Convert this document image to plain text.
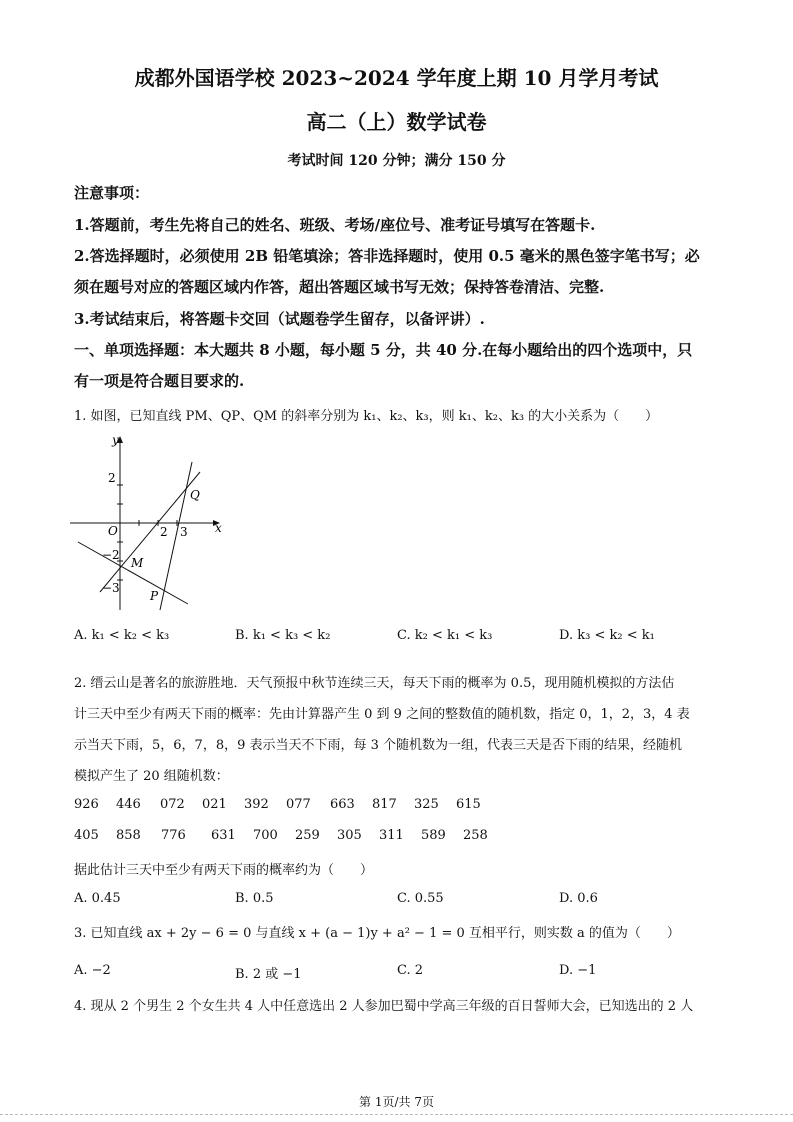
成都外国语学校 2023~2024 学年度上期 10 月学月考试
高二（上）数学试卷
考试时间 120 分钟；满分 150 分
注意事项：
1.答题前，考生先将自己的姓名、班级、考场/座位号、准考证号填写在答题卡.
2.答选择题时，必须使用 2B 铅笔填涂；答非选择题时，使用 0.5 毫米的黑色签字笔书写；必
须在题号对应的答题区域内作答，超出答题区域书写无效；保持答卷清洁、完整.
3.考试结束后，将答题卡交回（试题卷学生留存，以备评讲）.
一、单项选择题：本大题共 8 小题，每小题 5 分，共 40 分.在每小题给出的四个选项中，只
有一项是符合题目要求的.
1. 如图，已知直线 PM、QP、QM 的斜率分别为 k₁、k₂、k₃，则 k₁、k₂、k₃ 的大小关系为（　　）
y
x
O
2
−2
−3
2 3
Q
M
P
A. k₁ < k₂ < k₃	B. k₁ < k₃ < k₂	C. k₂ < k₁ < k₃	D. k₃ < k₂ < k₁
2. 缙云山是著名的旅游胜地．天气预报中秋节连续三天，每天下雨的概率为 0.5，现用随机模拟的方法估
计三天中至少有两天下雨的概率：先由计算器产生 0 到 9 之间的整数值的随机数，指定 0，1，2，3，4 表
示当天下雨，5，6，7，8，9 表示当天不下雨，每 3 个随机数为一组，代表三天是否下雨的结果，经随机
模拟产生了 20 组随机数：
926 446 072 021 392 077 663 817 325 615
405 858 776 631 700 259 305 311 589 258
据此估计三天中至少有两天下雨的概率约为（　　）
A. 0.45	B. 0.5	C. 0.55	D. 0.6
3. 已知直线 ax + 2y − 6 = 0 与直线 x + (a − 1)y + a² − 1 = 0 互相平行，则实数 a 的值为（　　）
A. −2	B. 2 或 −1	C. 2	D. −1
4. 现从 2 个男生 2 个女生共 4 人中任意选出 2 人参加巴蜀中学高三年级的百日誓师大会，已知选出的 2 人
第 1页/共 7页
